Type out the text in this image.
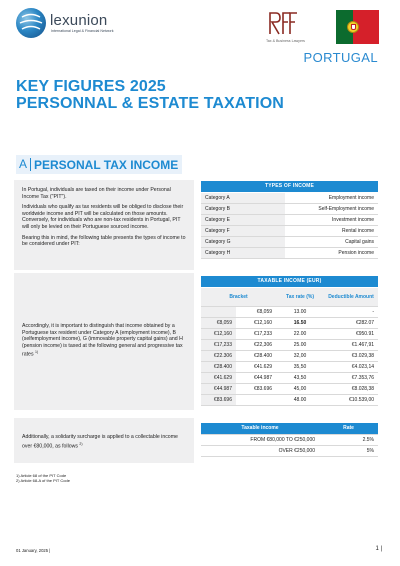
lexunion
International Legal & Financial Network
Tax & Business Lawyers
PORTUGAL
KEY FIGURES 2025
PERSONNAL & ESTATE TAXATION
A PERSONAL TAX INCOME

In Portugal, individuals are taxed on their income under Personal Income Tax ("PIT").

Individuals who qualify as tax residents will be obliged to disclose their worldwide income and PIT will be calculated on those amounts. Conversely, for individuals who are non-tax residents in Portugal, PIT will only be levied on their Portuguese sourced income.

Bearing this in mind, the following table presents the types of income to be considered under PIT:

TYPES OF INCOME
Category A	Employment income
Category B	Self-Employment income
Category E	Investment income
Category F	Rental income
Category G	Capital gains
Category H	Pension income

Accordingly, it is important to distinguish that income obtained by a Portuguese tax resident under Category A (employment income), B (selfemployment income), G (immovable property capital gains) and H (pension income) is taxed at the following general and progressive tax rates $^{1)}$

TAXABLE INCOME (EUR)
Bracket		Tax rate (%)	Deductible Amount
	€8,059	13.00	-
€8,059	€12,160	16.50	€282.07
€12,160	€17,233	22.00	€950.91
€17,233	€22,306	25.00	€1.467,91
€22.306	€28.400	32,00	€3.029,38
€28.400	€41.629	35,50	€4.023,14
€41.629	€44.987	43,50	€7.353,76
€44.987	€83.696	45,00	€8.028,38
€83.696		48.00	€10.539,00

Additionally, a solidarity surcharge is applied to a collectable income over €80,000, as follows $^{2)}$

Taxable income	Rate
FROM €80,000 TO €250,000	2.5%
OVER €250,000	5%
1) Article 68 of the PIT Code
2) Article 68-A of the PIT Code
01 January, 2025 |	1 |
